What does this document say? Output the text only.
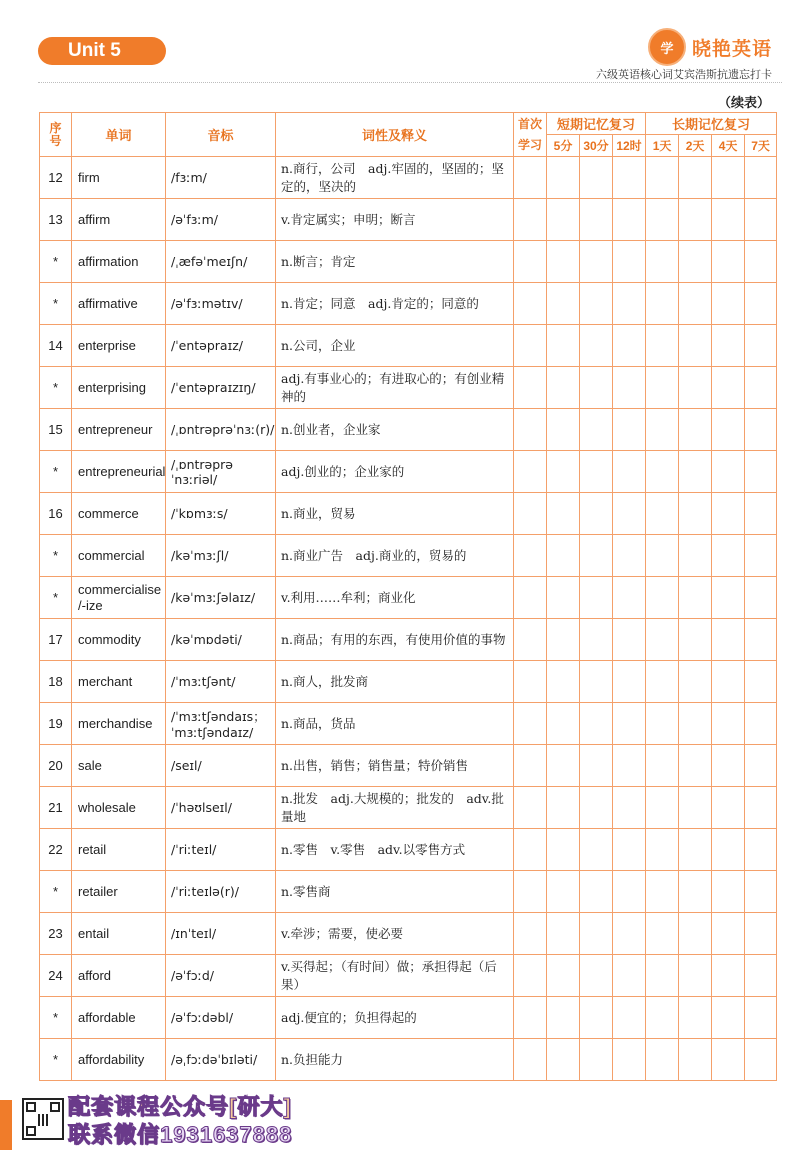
Unit 5	学 晓艳英语
六级英语核心词艾宾浩斯抗遗忘打卡
（续表）
序号	单词	音标	词性及释义	首次学习	短期记忆复习			长期记忆复习			
					5分	30分	12时	1天	2天	4天	7天
12	firm	/fɜːm/	n.商行，公司　adj.牢固的，坚固的；坚定的，坚决的								
13	affirm	/əˈfɜːm/	v.肯定属实；申明；断言								
*	affirmation	/ˌæfəˈmeɪʃn/	n.断言；肯定								
*	affirmative	/əˈfɜːmətɪv/	n.肯定；同意　adj.肯定的；同意的								
14	enterprise	/ˈentəpraɪz/	n.公司，企业								
*	enterprising	/ˈentəpraɪzɪŋ/	adj.有事业心的；有进取心的；有创业精神的								
15	entrepreneur	/ˌɒntrəprəˈnɜː(r)/	n.创业者，企业家								
*	entrepreneurial	/ˌɒntrəprəˈnɜːriəl/	adj.创业的；企业家的								
16	commerce	/ˈkɒmɜːs/	n.商业，贸易								
*	commercial	/kəˈmɜːʃl/	n.商业广告　adj.商业的，贸易的								
*	commercialise /-ize	/kəˈmɜːʃəlaɪz/	v.利用……牟利；商业化								
17	commodity	/kəˈmɒdəti/	n.商品；有用的东西，有使用价值的事物								
18	merchant	/ˈmɜːtʃənt/	n.商人，批发商								
19	merchandise	/ˈmɜːtʃəndaɪs；ˈmɜːtʃəndaɪz/	n.商品，货品								
20	sale	/seɪl/	n.出售，销售；销售量；特价销售								
21	wholesale	/ˈhəʊlseɪl/	n.批发　adj.大规模的；批发的　adv.批量地								
22	retail	/ˈriːteɪl/	n.零售　v.零售　adv.以零售方式								
*	retailer	/ˈriːteɪlə(r)/	n.零售商								
23	entail	/ɪnˈteɪl/	v.牵涉；需要，使必要								
24	afford	/əˈfɔːd/	v.买得起；（有时间）做；承担得起（后果）								
*	affordable	/əˈfɔːdəbl/	adj.便宜的；负担得起的								
*	affordability	/əˌfɔːdəˈbɪləti/	n.负担能力								
配套课程公众号[研大]
联系微信1931637888
